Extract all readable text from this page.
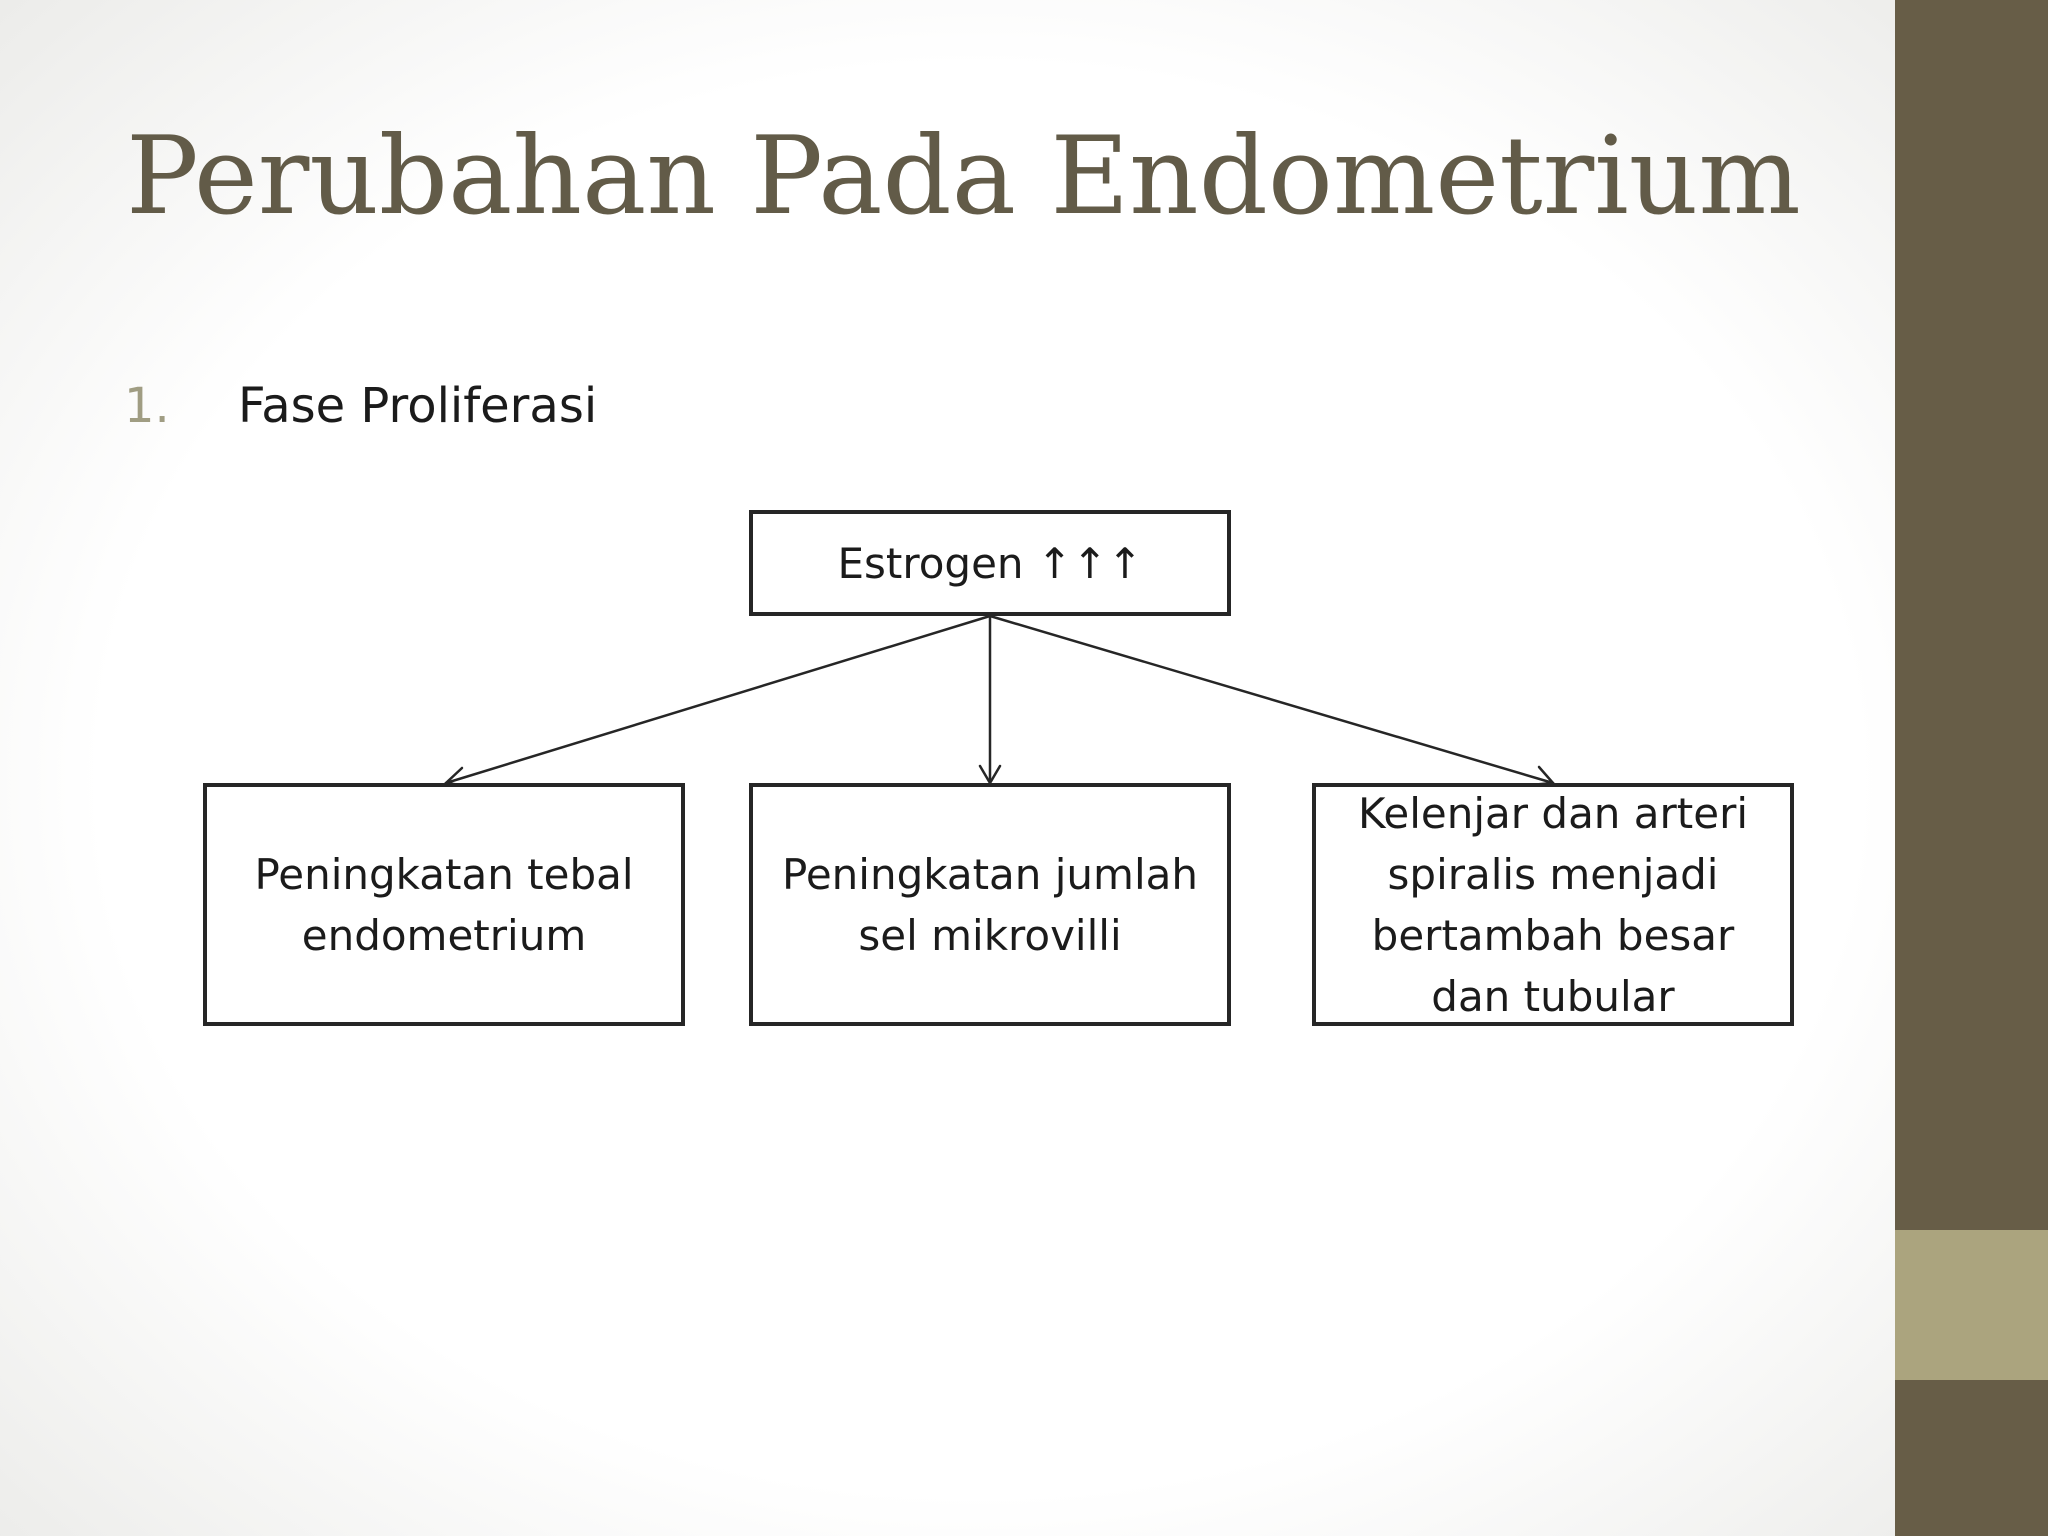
Perubahan Pada Endometrium
1. Fase Proliferasi
Estrogen ↑↑↑
Peningkatan tebal endometrium
Peningkatan jumlah sel mikrovilli
Kelenjar dan arteri spiralis menjadi bertambah besar dan tubular
